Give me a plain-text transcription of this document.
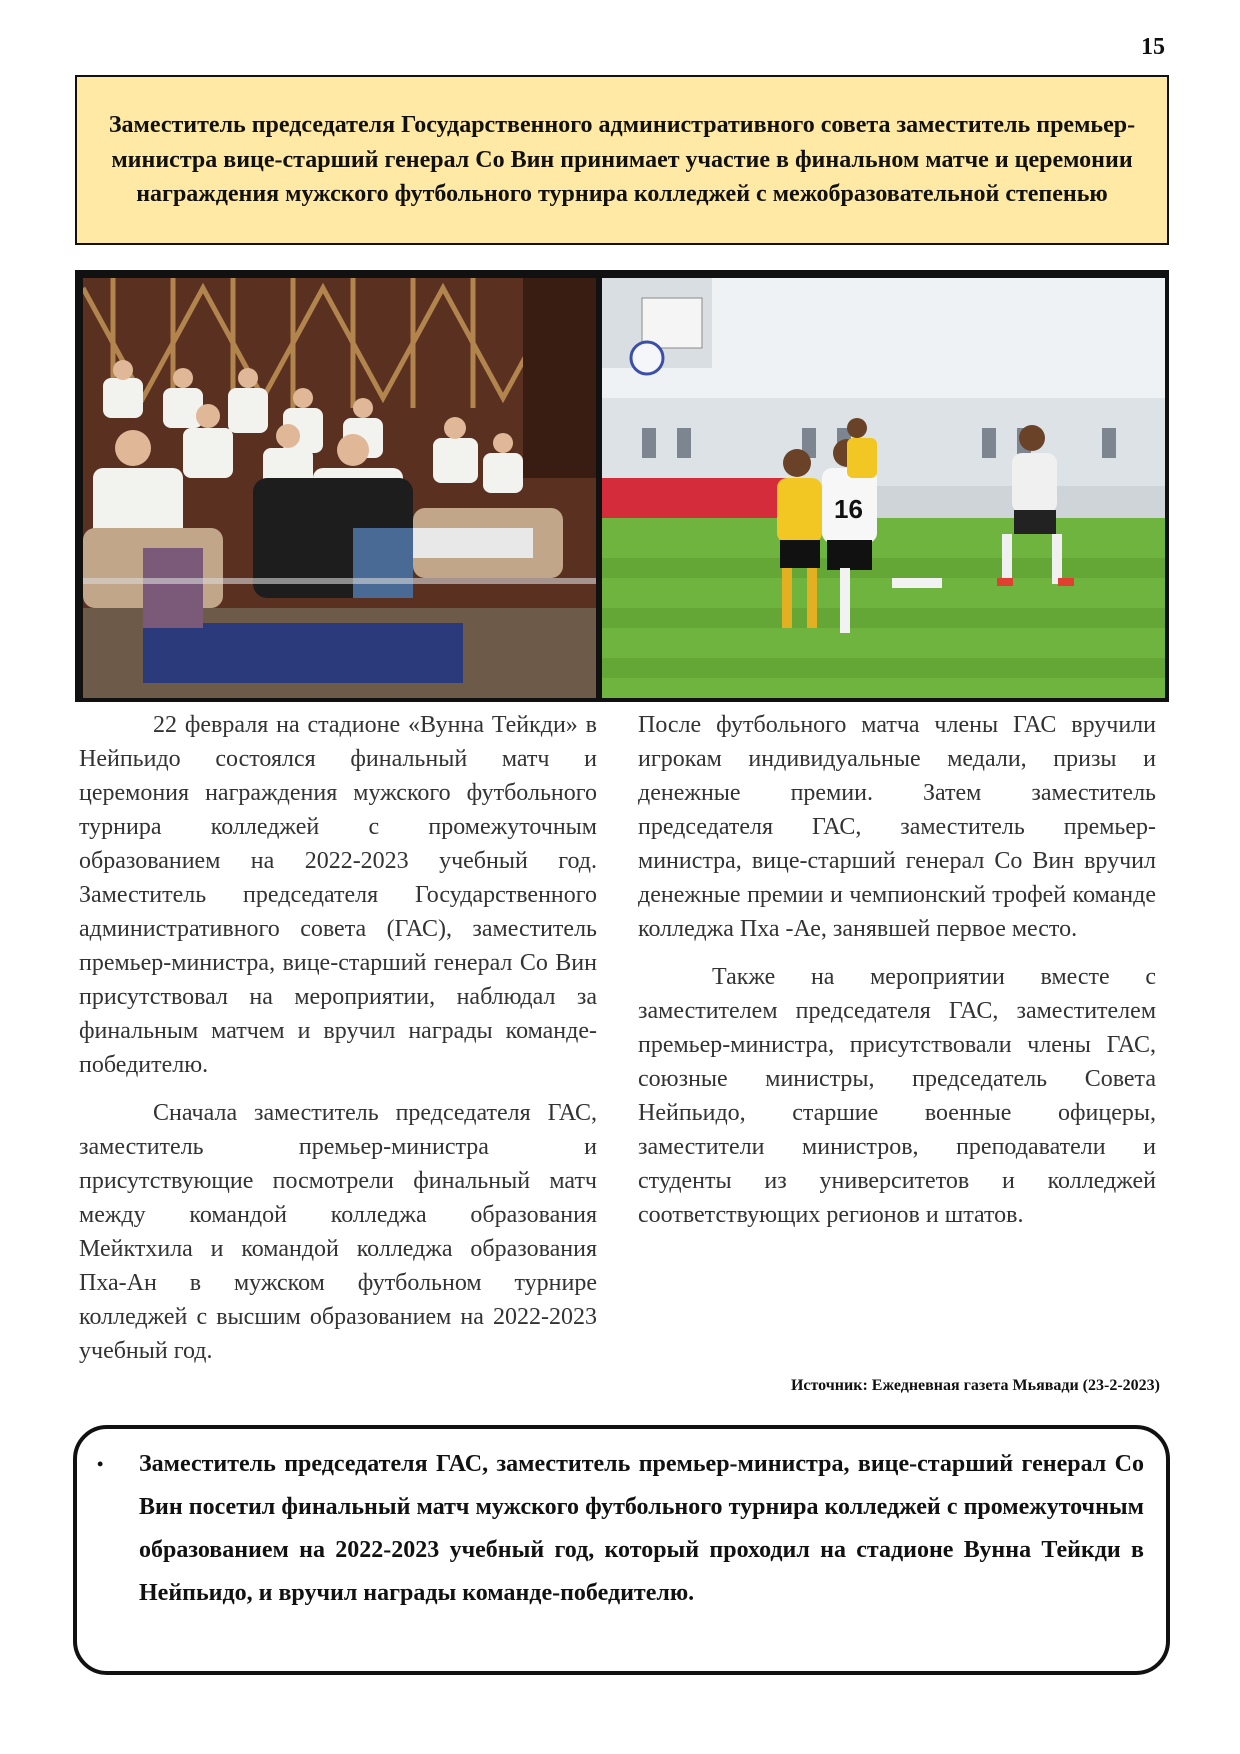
15
Заместитель председателя Государственного административного совета заместитель премьер-министра вице-старший генерал Со Вин принимает участие в финальном матче и церемонии награждения мужского футбольного турнира колледжей с межобразовательной степенью
16

22 февраля на стадионе «Вунна Тейкди» в Нейпьидо состоялся финальный матч и церемония награждения мужского футбольного турнира колледжей с промежуточным образованием на 2022-2023 учебный год. Заместитель председателя Государственного административного совета (ГАС), заместитель премьер-министра, вице-старший генерал Со Вин присутствовал на мероприятии, наблюдал за финальным матчем и вручил награды команде-победителю.

Сначала заместитель председателя ГАС, заместитель премьер-министра и присутствующие посмотрели финальный матч между командой колледжа образования Мейктхила и командой колледжа образования Пха-Ан в мужском футбольном турнире колледжей с высшим образованием на 2022-2023 учебный год.

После футбольного матча члены ГАС вручили игрокам индивидуальные медали, призы и денежные премии. Затем заместитель председателя ГАС, заместитель премьер-министра, вице-старший генерал Со Вин вручил денежные премии и чемпионский трофей команде колледжа Пха -Ае, занявшей первое место.

Также на мероприятии вместе с заместителем председателя ГАС, заместителем премьер-министра, присутствовали члены ГАС, союзные министры, председатель Совета Нейпьидо, старшие военные офицеры, заместители министров, преподаватели и студенты из университетов и колледжей соответствующих регионов и штатов.

Источник: Ежедневная газета Мьявади (23-2-2023)
•	Заместитель председателя ГАС, заместитель премьер-министра, вице-старший генерал Со Вин посетил финальный матч мужского футбольного турнира колледжей с промежуточным образованием на 2022-2023 учебный год, который проходил на стадионе Вунна Тейкди в Нейпьидо, и вручил награды команде-победителю.
